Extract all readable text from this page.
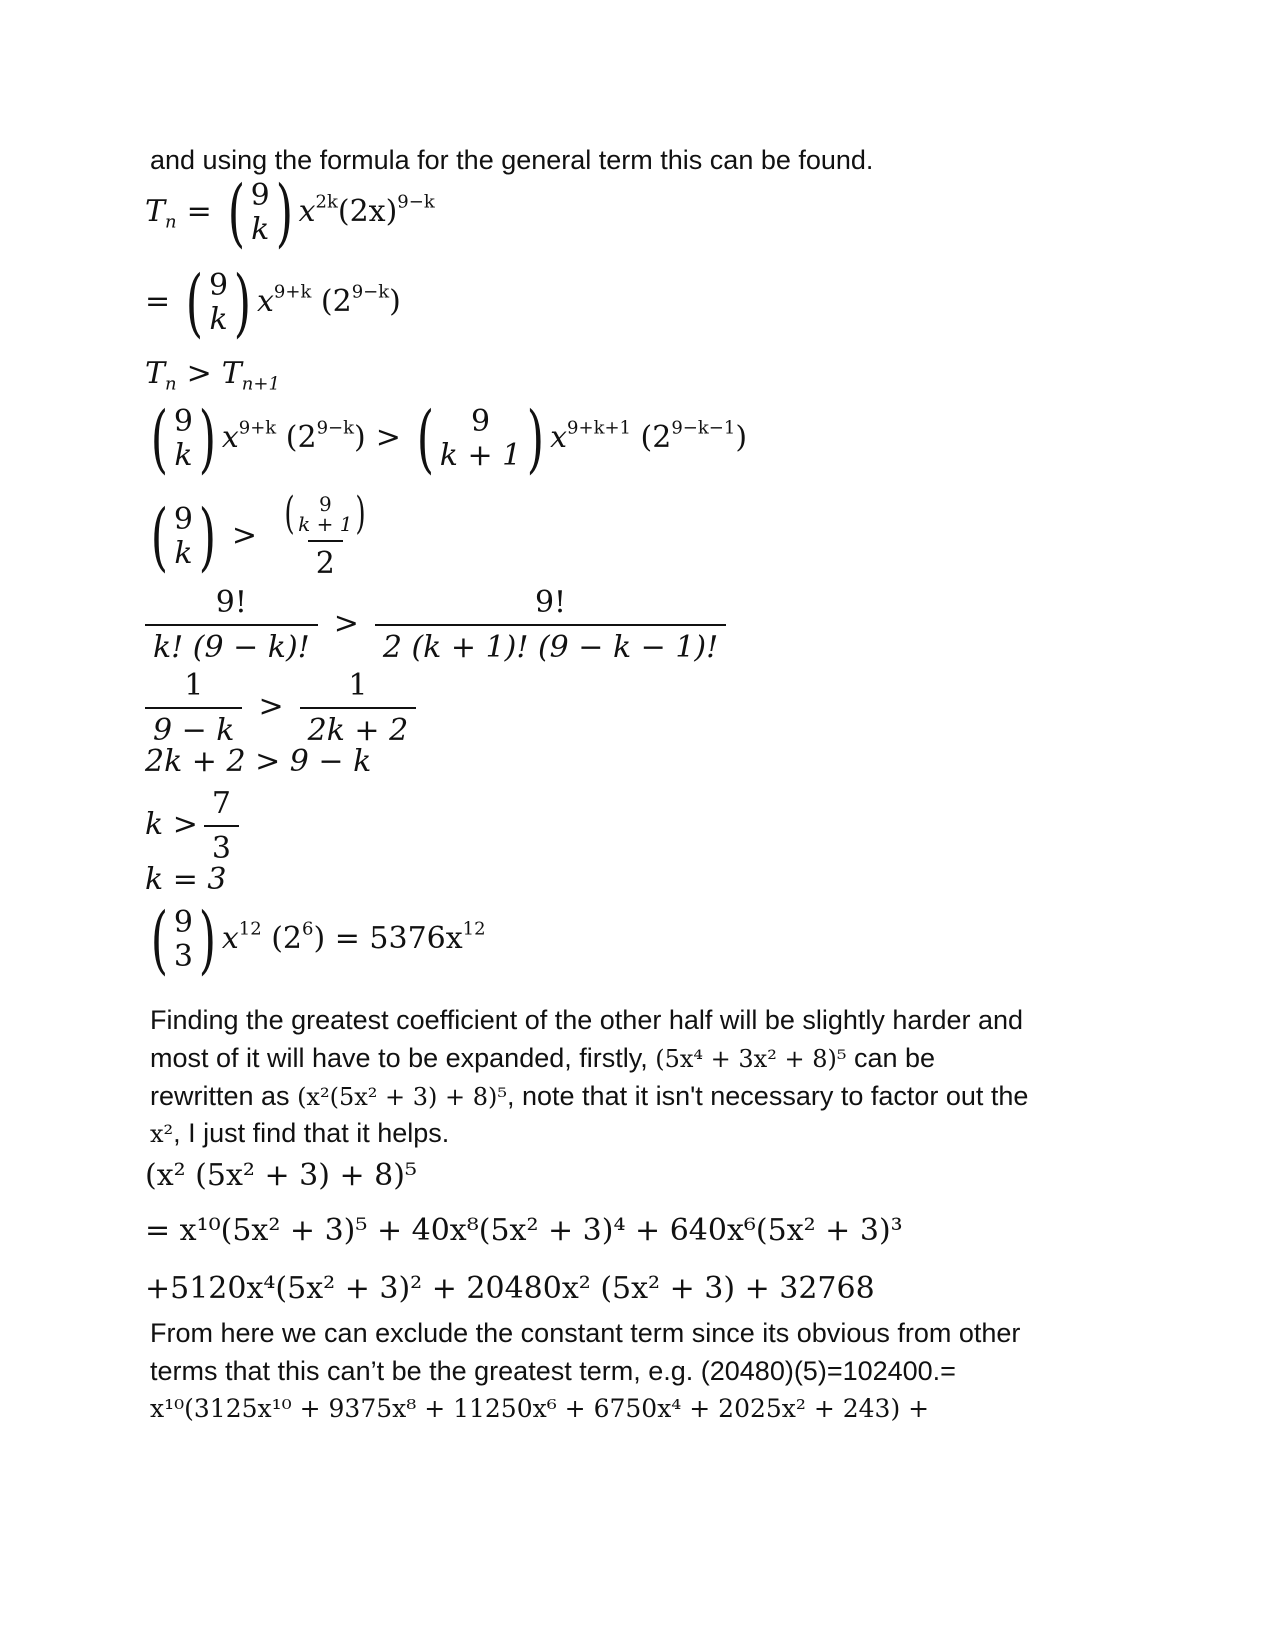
and using the formula for the general term this can be found.
$T_n$ = ( 9
k ) $x^{2k}(2x)^{9-k}$
= ( 9
k ) $x^{9+k}$ $(2^{9-k})$
$T_n > T_{n+1}$
( 9
k ) $x^{9+k}$ $(2^{9-k})$ > ( 9
k + 1 ) $x^{9+k+1}$ $(2^{9-k-1})$
( 9
k ) > ( 9
k + 1 )
2
$\frac{9!}{k! (9 - k)!} > \frac{9!}{2 (k + 1)! (9 - k - 1)!}$
$\frac{1}{9 - k} > \frac{1}{2k + 2}$
2k + 2 > 9 − k
$k > \frac{7}{3}$
k = 3
( 9
3 ) $x^{12}$ $(2^6) = 5376x^{12}$
Finding the greatest coefficient of the other half will be slightly harder and
most of it will have to be expanded, firstly, (5x⁴ + 3x² + 8)⁵ can be
rewritten as (x²(5x² + 3) + 8)⁵, note that it isn't necessary to factor out the
x², I just find that it helps.
(x² (5x² + 3) + 8)⁵
= x¹⁰(5x² + 3)⁵ + 40x⁸(5x² + 3)⁴ + 640x⁶(5x² + 3)³
+5120x⁴(5x² + 3)² + 20480x² (5x² + 3) + 32768
From here we can exclude the constant term since its obvious from other
terms that this can’t be the greatest term, e.g. (20480)(5)=102400.=
x¹⁰(3125x¹⁰ + 9375x⁸ + 11250x⁶ + 6750x⁴ + 2025x² + 243) +
